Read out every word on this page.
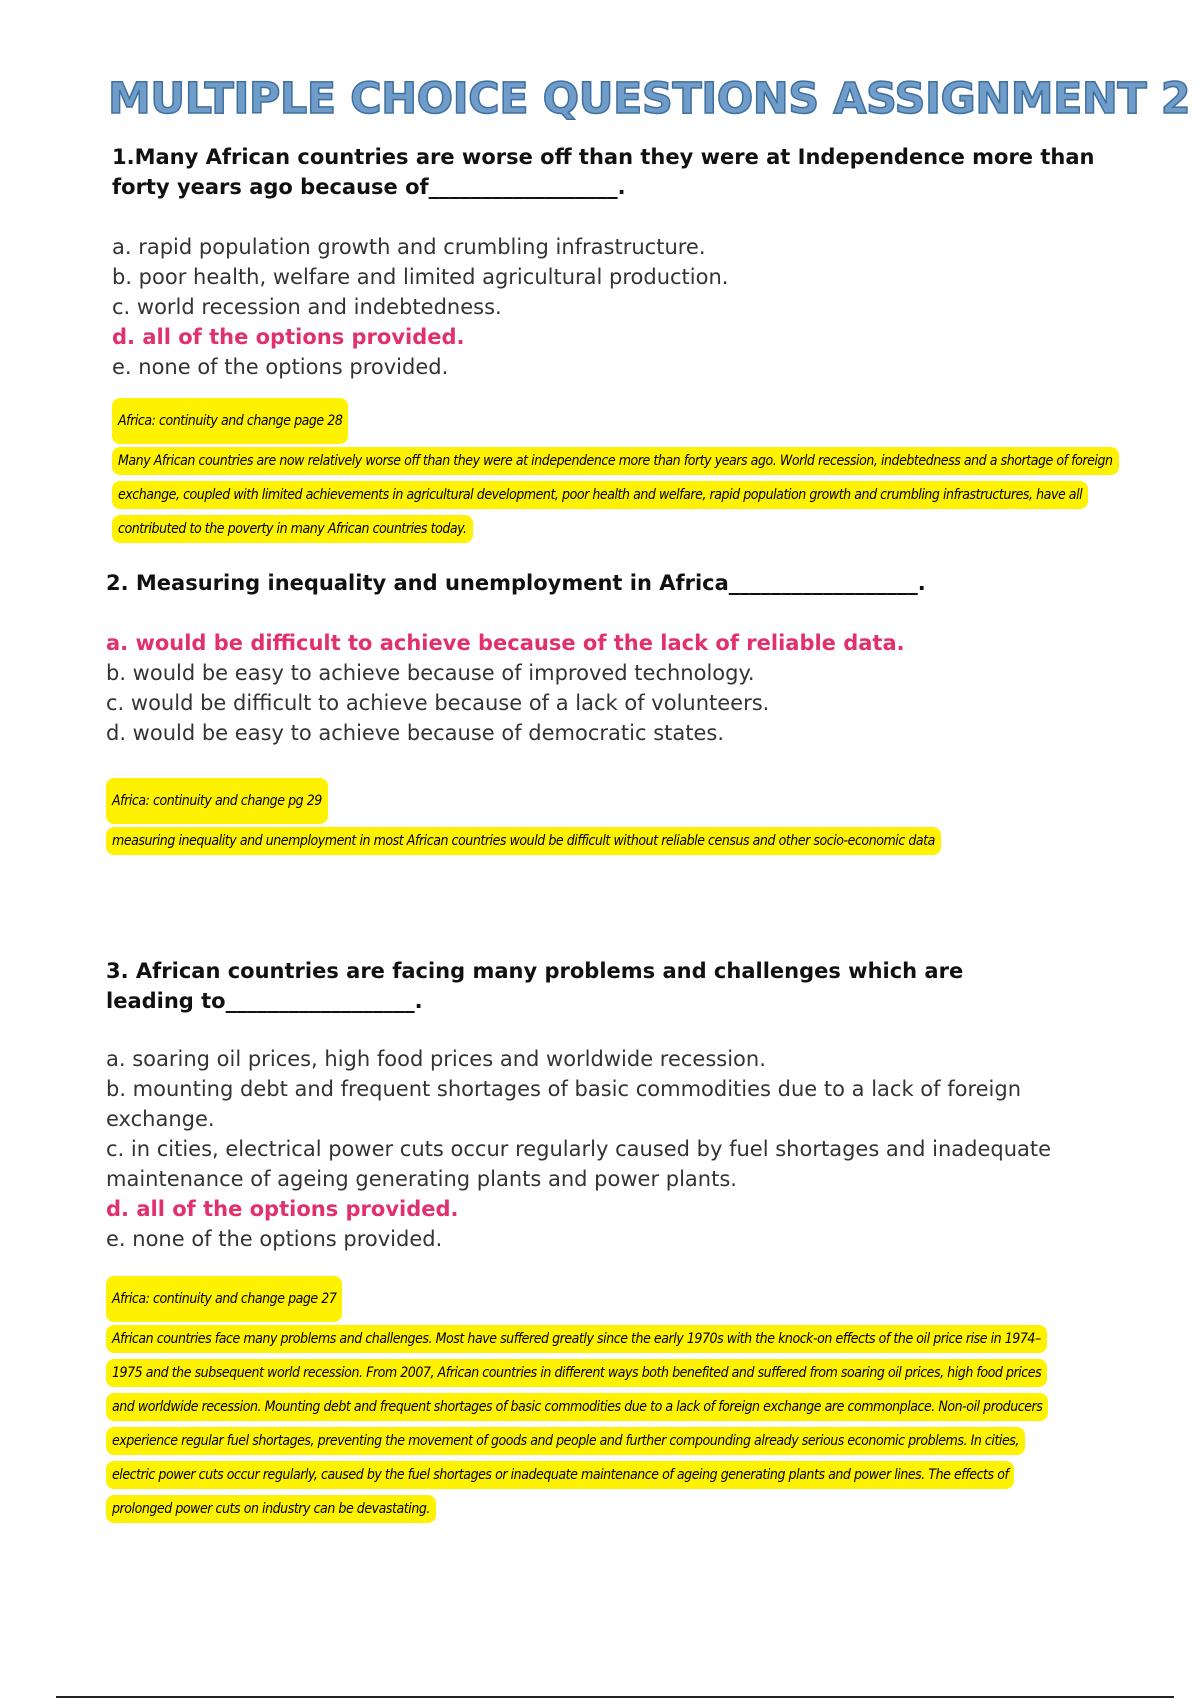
MULTIPLE CHOICE QUESTIONS ASSIGNMENT 2

1.Many African countries are worse off than they were at Independence more than forty years ago because of__________________.

a. rapid population growth and crumbling infrastructure.
b. poor health, welfare and limited agricultural production.
c. world recession and indebtedness.
d. all of the options provided.
e. none of the options provided.
Africa: continuity and change page 28
Many African countries are now relatively worse off than they were at independence more than forty years ago. World recession, indebtedness and a shortage of foreign exchange, coupled with limited achievements in agricultural development, poor health and welfare, rapid population growth and crumbling infrastructures, have all contributed to the poverty in many African countries today.

2. Measuring inequality and unemployment in Africa__________________.

a. would be difficult to achieve because of the lack of reliable data.
b. would be easy to achieve because of improved technology.
c. would be difficult to achieve because of a lack of volunteers.
d. would be easy to achieve because of democratic states.
Africa: continuity and change pg 29
measuring inequality and unemployment in most African countries would be difficult without reliable census and other socio-economic data

3. African countries are facing many problems and challenges which are leading to__________________.

a. soaring oil prices, high food prices and worldwide recession.
b. mounting debt and frequent shortages of basic commodities due to a lack of foreign exchange.
c. in cities, electrical power cuts occur regularly caused by fuel shortages and inadequate maintenance of ageing generating plants and power plants.
d. all of the options provided.
e. none of the options provided.
Africa: continuity and change page 27
African countries face many problems and challenges. Most have suffered greatly since the early 1970s with the knock-on effects of the oil price rise in 1974–1975 and the subsequent world recession. From 2007, African countries in different ways both benefited and suffered from soaring oil prices, high food prices and worldwide recession. Mounting debt and frequent shortages of basic commodities due to a lack of foreign exchange are commonplace. Non-oil producers experience regular fuel shortages, preventing the movement of goods and people and further compounding already serious economic problems. In cities, electric power cuts occur regularly, caused by the fuel shortages or inadequate maintenance of ageing generating plants and power lines. The effects of prolonged power cuts on industry can be devastating.
